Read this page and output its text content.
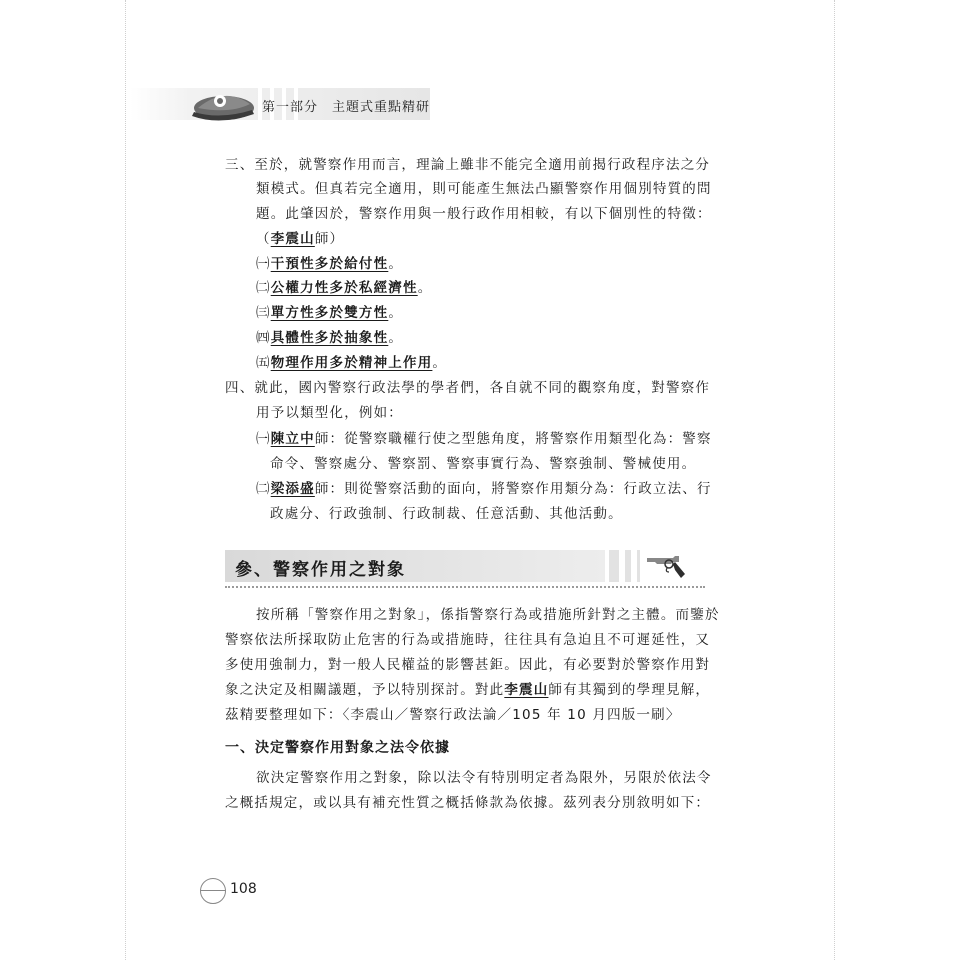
第一部分　主題式重點精研
三、至於，就警察作用而言，理論上雖非不能完全適用前揭行政程序法之分
類模式。但真若完全適用，則可能產生無法凸顯警察作用個別特質的問
題。此肇因於，警察作用與一般行政作用相較，有以下個別性的特徵：
（李震山師）
㈠干預性多於給付性。
㈡公權力性多於私經濟性。
㈢單方性多於雙方性。
㈣具體性多於抽象性。
㈤物理作用多於精神上作用。
四、就此，國內警察行政法學的學者們，各自就不同的觀察角度，對警察作
用予以類型化，例如：
㈠陳立中師：從警察職權行使之型態角度，將警察作用類型化為：警察
命令、警察處分、警察罰、警察事實行為、警察強制、警械使用。
㈡梁添盛師：則從警察活動的面向，將警察作用類分為：行政立法、行
政處分、行政強制、行政制裁、任意活動、其他活動。
參、警察作用之對象
按所稱「警察作用之對象」，係指警察行為或措施所針對之主體。而鑒於
警察依法所採取防止危害的行為或措施時，往往具有急迫且不可遲延性，又
多使用強制力，對一般人民權益的影響甚鉅。因此，有必要對於警察作用對
象之決定及相關議題，予以特別探討。對此李震山師有其獨到的學理見解，
茲精要整理如下：〈李震山／警察行政法論／105 年 10 月四版一刷〉
一、決定警察作用對象之法令依據
欲決定警察作用之對象，除以法令有特別明定者為限外，另限於依法令
之概括規定，或以具有補充性質之概括條款為依據。茲列表分別敘明如下：
108
